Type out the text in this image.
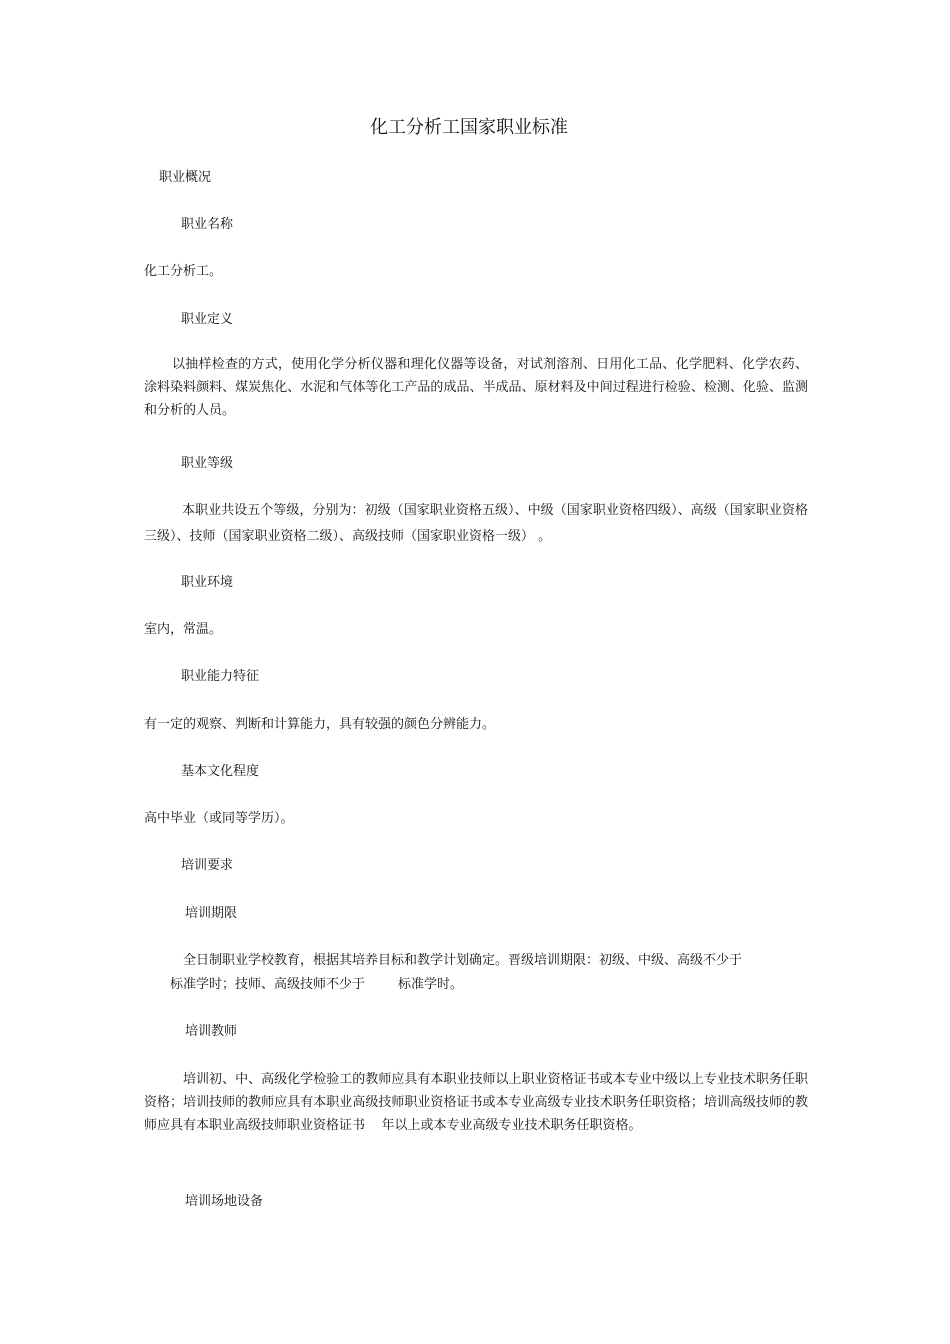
化工分析工国家职业标准
职业概况
职业名称
化工分析工。
职业定义
以抽样检查的方式，使用化学分析仪器和理化仪器等设备，对试剂溶剂、日用化工品、化学肥料、化学农药、涂料染料颜料、煤炭焦化、水泥和气体等化工产品的成品、半成品、原材料及中间过程进行检验、检测、化验、监测和分析的人员。
职业等级
本职业共设五个等级，分别为：初级（国家职业资格五级）、中级（国家职业资格四级）、高级（国家职业资格三级）、技师（国家职业资格二级）、高级技师（国家职业资格一级） 。
职业环境
室内，常温。
职业能力特征
有一定的观察、判断和计算能力，具有较强的颜色分辨能力。
基本文化程度
高中毕业（或同等学历）。
培训要求
培训期限
全日制职业学校教育，根据其培养目标和教学计划确定。晋级培训期限：初级、中级、高级不少于
标准学时；技师、高级技师不少于        标准学时。
培训教师
培训初、中、高级化学检验工的教师应具有本职业技师以上职业资格证书或本专业中级以上专业技术职务任职资格；培训技师的教师应具有本职业高级技师职业资格证书或本专业高级专业技术职务任职资格；培训高级技师的教师应具有本职业高级技师职业资格证书    年以上或本专业高级专业技术职务任职资格。
培训场地设备
